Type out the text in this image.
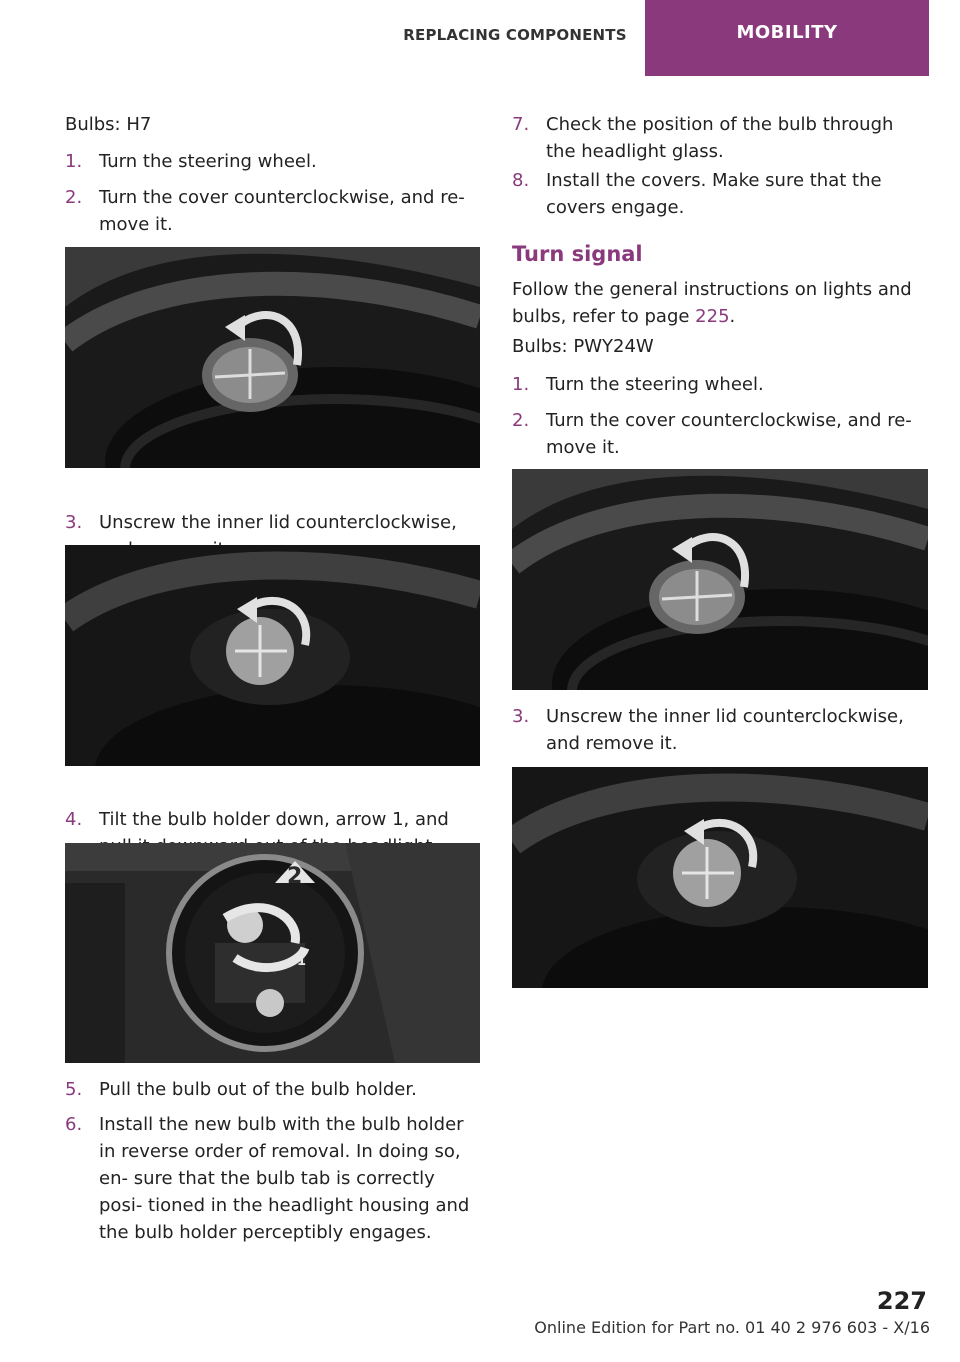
REPLACING COMPONENTS	MOBILITY
Bulbs: H7
1. Turn the steering wheel.
2. Turn the cover counterclockwise, and re‐ move it.
3. Unscrew the inner lid counterclockwise,
4. Tilt the bulb holder down, arrow 1, and
2
1
5. Pull the bulb out of the bulb holder.
6. Install the new bulb with the bulb holder in reverse order of removal. In doing so, en‐ sure that the bulb tab is correctly posi‐ tioned in the headlight housing and the bulb holder perceptibly engages.
7. Check the position of the bulb through the headlight glass.
8. Install the covers. Make sure that the covers engage.
Turn signal
Follow the general instructions on lights and bulbs, refer to page 225.
Bulbs: PWY24W
1. Turn the steering wheel.
2. Turn the cover counterclockwise, and re‐ move it.
3. Unscrew the inner lid counterclockwise, and remove it.
227
Online Edition for Part no. 01 40 2 976 603 - X/16
